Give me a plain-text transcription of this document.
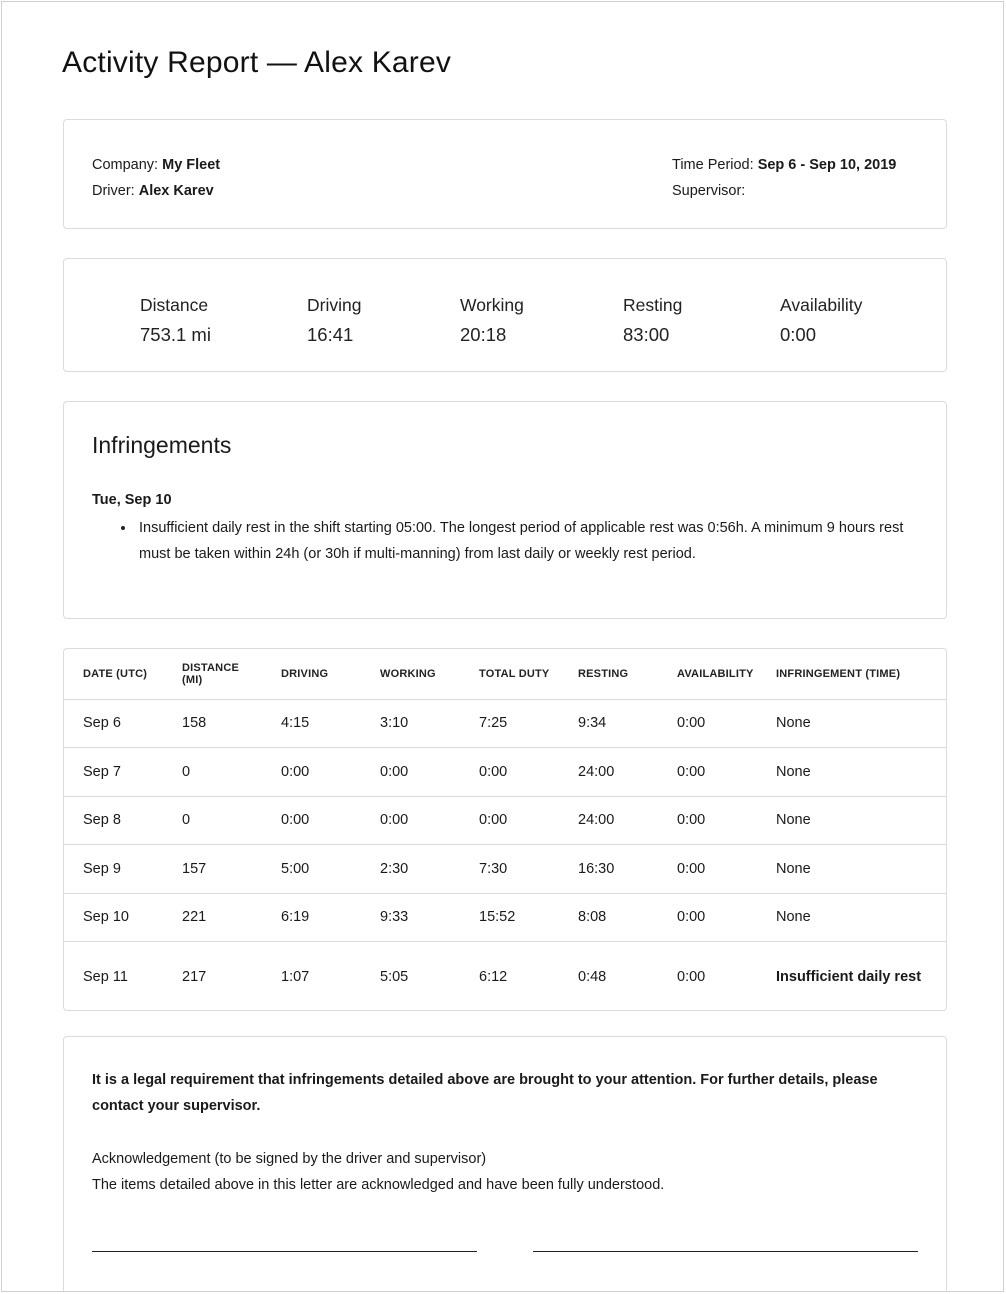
Activity Report — Alex Karev
Company: My Fleet
Driver: Alex Karev
Time Period: Sep 6 - Sep 10, 2019
Supervisor:
Distance
753.1 mi
Driving
16:41
Working
20:18
Resting
83:00
Availability
0:00
Infringements
Tue, Sep 10
Insufficient daily rest in the shift starting 05:00. The longest period of applicable rest was 0:56h. A minimum 9 hours rest must be taken within 24h (or 30h if multi-manning) from last daily or weekly rest period.
DATE (UTC)	DISTANCE (MI)	DRIVING	WORKING	TOTAL DUTY	RESTING	AVAILABILITY	INFRINGEMENT (TIME)
Sep 6	158	4:15	3:10	7:25	9:34	0:00	None
Sep 7	0	0:00	0:00	0:00	24:00	0:00	None
Sep 8	0	0:00	0:00	0:00	24:00	0:00	None
Sep 9	157	5:00	2:30	7:30	16:30	0:00	None
Sep 10	221	6:19	9:33	15:52	8:08	0:00	None
Sep 11	217	1:07	5:05	6:12	0:48	0:00	Insufficient daily rest

It is a legal requirement that infringements detailed above are brought to your attention. For further details, please contact your supervisor.

Acknowledgement (to be signed by the driver and supervisor)
The items detailed above in this letter are acknowledged and have been fully understood.
